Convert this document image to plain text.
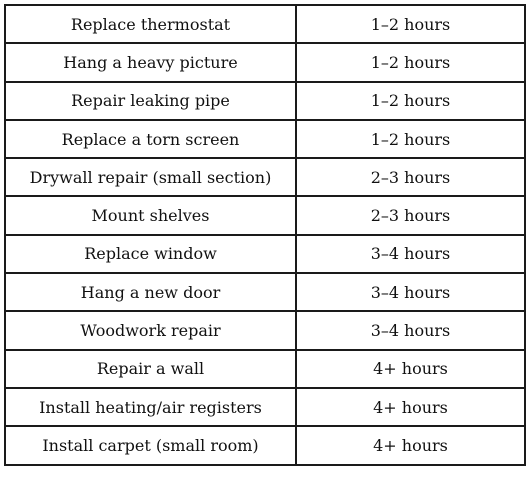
Replace thermostat	1–2 hours
Hang a heavy picture	1–2 hours
Repair leaking pipe	1–2 hours
Replace a torn screen	1–2 hours
Drywall repair (small section)	2–3 hours
Mount shelves	2–3 hours
Replace window	3–4 hours
Hang a new door	3–4 hours
Woodwork repair	3–4 hours
Repair a wall	4+ hours
Install heating/air registers	4+ hours
Install carpet (small room)	4+ hours
